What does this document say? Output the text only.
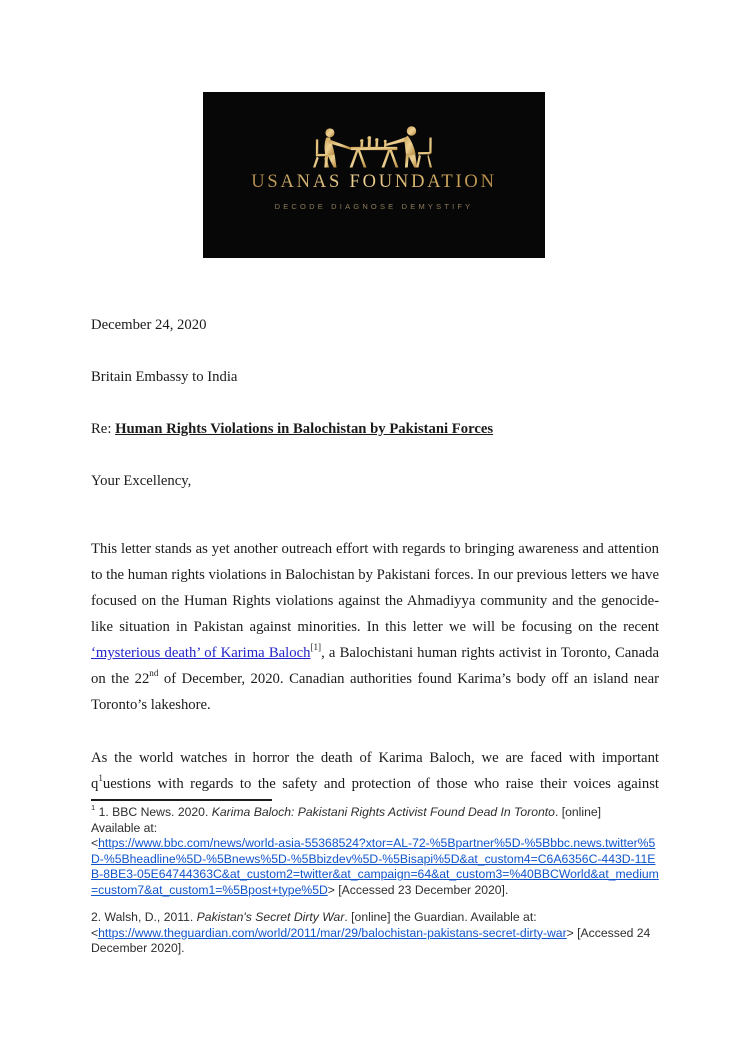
USANAS FOUNDATION
DECODE DIAGNOSE DEMYSTIFY
December 24, 2020
Britain Embassy to India
Re: Human Rights Violations in Balochistan by Pakistani Forces
Your Excellency,

This letter stands as yet another outreach effort with regards to bringing awareness and attention to the human rights violations in Balochistan by Pakistani forces. In our previous letters we have focused on the Human Rights violations against the Ahmadiyya community and the genocide- like situation in Pakistan against minorities. In this letter we will be focusing on the recent ‘mysterious death’ of Karima Baloch[1], a Balochistani human rights activist in Toronto, Canada on the 22nd of December, 2020. Canadian authorities found Karima’s body off an island near Toronto’s lakeshore.

As the world watches in horror the death of Karima Baloch, we are faced with important $q^1uestions$ with regards to the safety and protection of those who raise their voices against

$^1$ 1. BBC News. 2020. Karima Baloch: Pakistani Rights Activist Found Dead In Toronto. [online]
Available at:
<https://www.bbc.com/news/world-asia-55368524?xtor=AL-72-%5Bpartner%5D-%5Bbbc.news.twitter%5D-%5Bheadline%5D-%5Bnews%5D-%5Bbizdev%5D-%5Bisapi%5D&at_custom4=C6A6356C-443D-11EB-8BE3-05E64744363C&at_custom2=twitter&at_campaign=64&at_custom3=%40BBCWorld&at_medium=custom7&at_custom1=%5Bpost+type%5D> [Accessed 23 December 2020].

2. Walsh, D., 2011. Pakistan's Secret Dirty War. [online] the Guardian. Available at: <https://www.theguardian.com/world/2011/mar/29/balochistan-pakistans-secret-dirty-war> [Accessed 24 December 2020].
